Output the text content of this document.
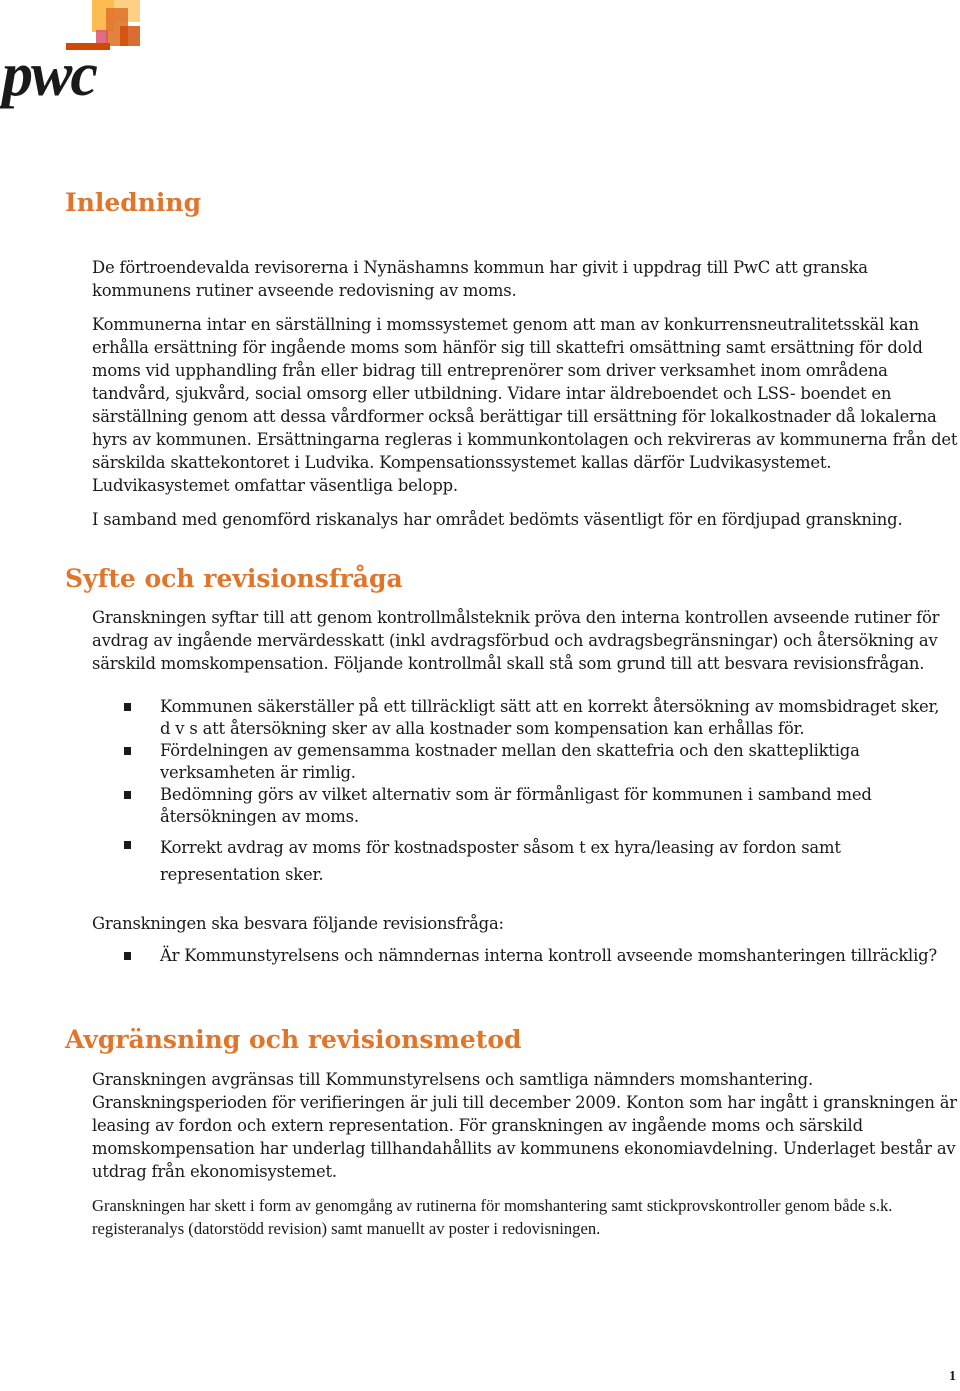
pwc
Inledning

De förtroendevalda revisorerna i Nynäshamns kommun har givit i uppdrag till PwC att granska kommunens rutiner avseende redovisning av moms.

Kommunerna intar en särställning i momssystemet genom att man av konkurrensneutralitetsskäl kan erhålla ersättning för ingående moms som hänför sig till skattefri omsättning samt ersättning för dold moms vid upphandling från eller bidrag till entreprenörer som driver verksamhet inom områdena tandvård, sjukvård, social omsorg eller utbildning. Vidare intar äldreboendet och LSS- boendet en särställning genom att dessa vårdformer också berättigar till ersättning för lokalkostnader då lokalerna hyrs av kommunen. Ersättningarna regleras i kommunkontolagen och rekvireras av kommunerna från det särskilda skattekontoret i Ludvika. Kompensationssystemet kallas därför Ludvikasystemet. Ludvikasystemet omfattar väsentliga belopp.

I samband med genomförd riskanalys har området bedömts väsentligt för en fördjupad granskning.

Syfte och revisionsfråga

Granskningen syftar till att genom kontrollmålsteknik pröva den interna kontrollen avseende rutiner för avdrag av ingående mervärdesskatt (inkl avdragsförbud och avdragsbegränsningar) och återsökning av särskild momskompensation. Följande kontrollmål skall stå som grund till att besvara revisionsfrågan.

Kommunen säkerställer på ett tillräckligt sätt att en korrekt återsökning av momsbidraget sker, d v s att återsökning sker av alla kostnader som kompensation kan erhållas för.
Fördelningen av gemensamma kostnader mellan den skattefria och den skattepliktiga verksamheten är rimlig.
Bedömning görs av vilket alternativ som är förmånligast för kommunen i samband med återsökningen av moms.
Korrekt avdrag av moms för kostnadsposter såsom t ex hyra/leasing av fordon samt representation sker.

Granskningen ska besvara följande revisionsfråga:

Är Kommunstyrelsens och nämndernas interna kontroll avseende momshanteringen tillräcklig?
Avgränsning och revisionsmetod

Granskningen avgränsas till Kommunstyrelsens och samtliga nämnders momshantering. Granskningsperioden för verifieringen är juli till december 2009. Konton som har ingått i granskningen är leasing av fordon och extern representation. För granskningen av ingående moms och särskild momskompensation har underlag tillhandahållits av kommunens ekonomiavdelning. Underlaget består av utdrag från ekonomisystemet.

Granskningen har skett i form av genomgång av rutinerna för momshantering samt stickprovskontroller genom både s.k. registeranalys (datorstödd revision) samt manuellt av poster i redovisningen.

1
